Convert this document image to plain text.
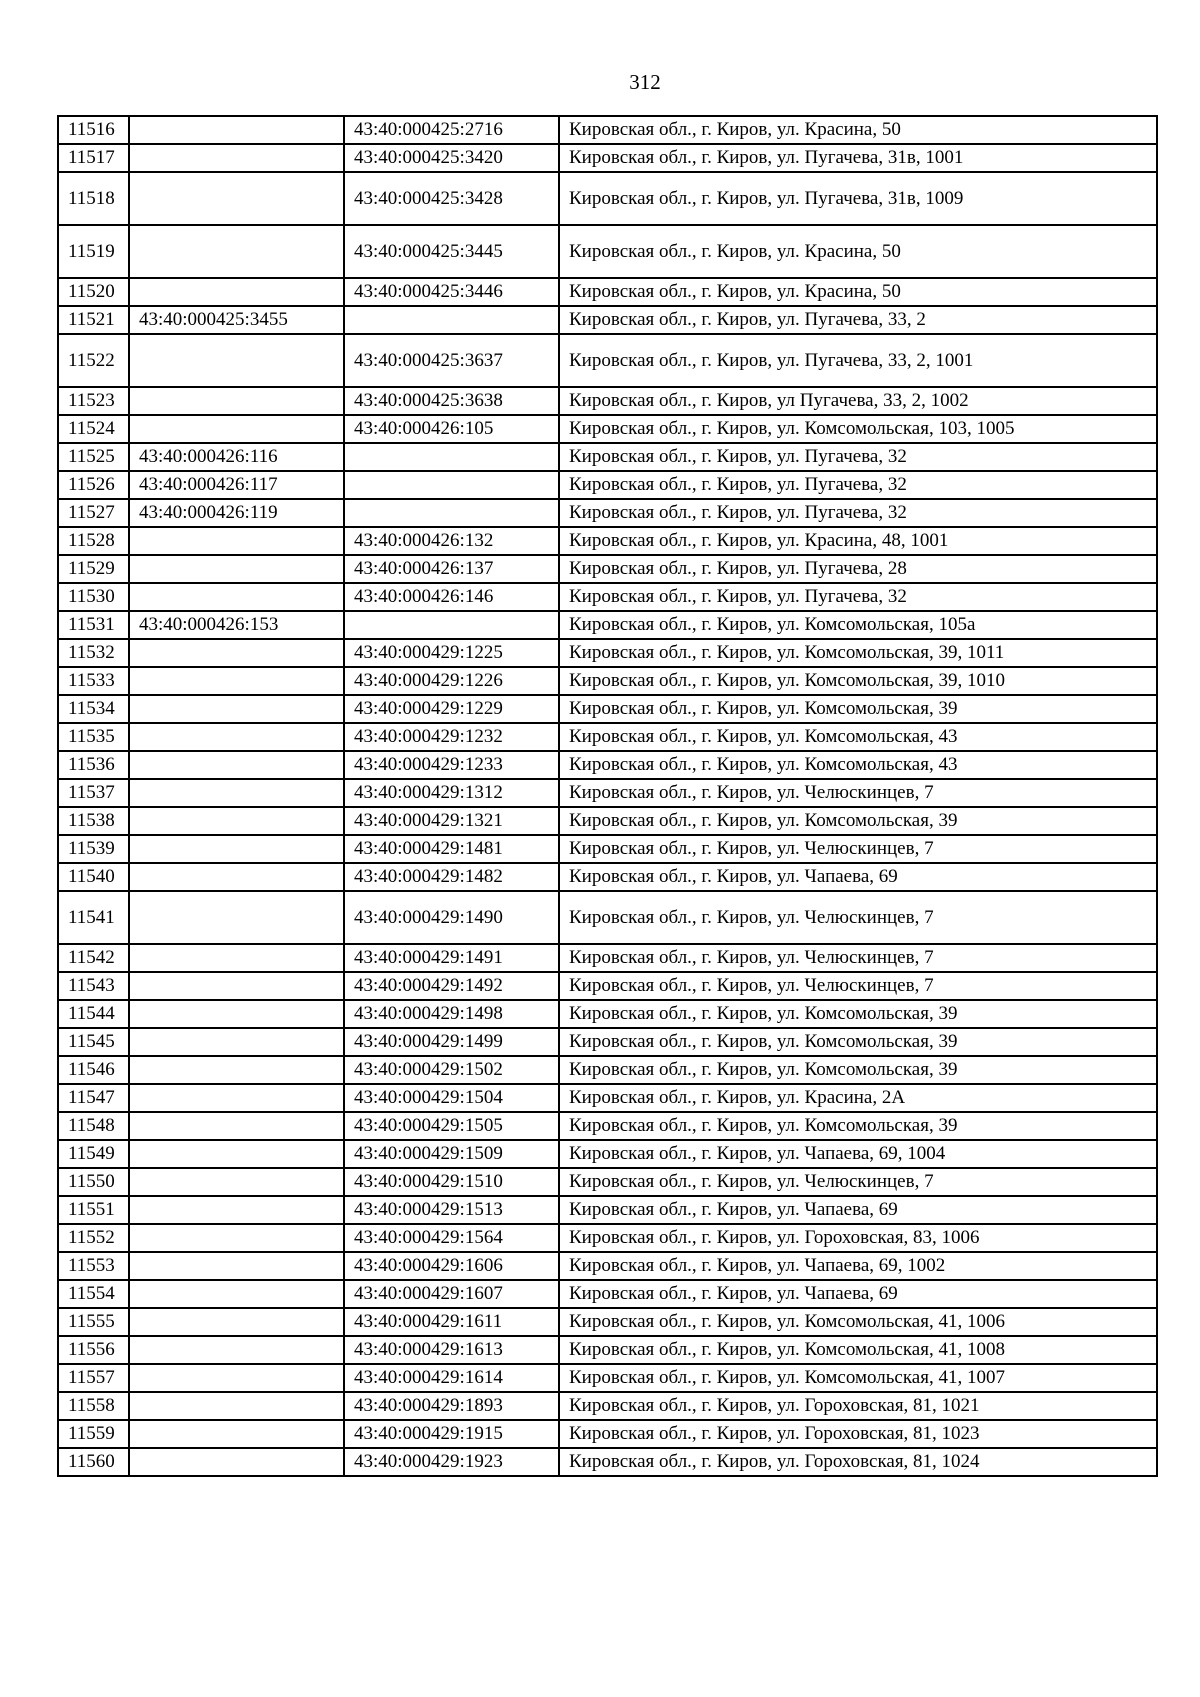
312
11516		43:40:000425:2716	Кировская обл., г. Киров, ул. Красина, 50
11517		43:40:000425:3420	Кировская обл., г. Киров, ул. Пугачева, 31в, 1001
11518		43:40:000425:3428	Кировская обл., г. Киров, ул. Пугачева, 31в, 1009
11519		43:40:000425:3445	Кировская обл., г. Киров, ул. Красина, 50
11520		43:40:000425:3446	Кировская обл., г. Киров, ул. Красина, 50
11521	43:40:000425:3455		Кировская обл., г. Киров, ул. Пугачева, 33, 2
11522		43:40:000425:3637	Кировская обл., г. Киров, ул. Пугачева, 33, 2, 1001
11523		43:40:000425:3638	Кировская обл., г. Киров, ул Пугачева, 33, 2, 1002
11524		43:40:000426:105	Кировская обл., г. Киров, ул. Комсомольская, 103, 1005
11525	43:40:000426:116		Кировская обл., г. Киров, ул. Пугачева, 32
11526	43:40:000426:117		Кировская обл., г. Киров, ул. Пугачева, 32
11527	43:40:000426:119		Кировская обл., г. Киров, ул. Пугачева, 32
11528		43:40:000426:132	Кировская обл., г. Киров, ул. Красина, 48, 1001
11529		43:40:000426:137	Кировская обл., г. Киров, ул. Пугачева, 28
11530		43:40:000426:146	Кировская обл., г. Киров, ул. Пугачева, 32
11531	43:40:000426:153		Кировская обл., г. Киров, ул. Комсомольская, 105а
11532		43:40:000429:1225	Кировская обл., г. Киров, ул. Комсомольская, 39, 1011
11533		43:40:000429:1226	Кировская обл., г. Киров, ул. Комсомольская, 39, 1010
11534		43:40:000429:1229	Кировская обл., г. Киров, ул. Комсомольская, 39
11535		43:40:000429:1232	Кировская обл., г. Киров, ул. Комсомольская, 43
11536		43:40:000429:1233	Кировская обл., г. Киров, ул. Комсомольская, 43
11537		43:40:000429:1312	Кировская обл., г. Киров, ул. Челюскинцев, 7
11538		43:40:000429:1321	Кировская обл., г. Киров, ул. Комсомольская, 39
11539		43:40:000429:1481	Кировская обл., г. Киров, ул. Челюскинцев, 7
11540		43:40:000429:1482	Кировская обл., г. Киров, ул. Чапаева, 69
11541		43:40:000429:1490	Кировская обл., г. Киров, ул. Челюскинцев, 7
11542		43:40:000429:1491	Кировская обл., г. Киров, ул. Челюскинцев, 7
11543		43:40:000429:1492	Кировская обл., г. Киров, ул. Челюскинцев, 7
11544		43:40:000429:1498	Кировская обл., г. Киров, ул. Комсомольская, 39
11545		43:40:000429:1499	Кировская обл., г. Киров, ул. Комсомольская, 39
11546		43:40:000429:1502	Кировская обл., г. Киров, ул. Комсомольская, 39
11547		43:40:000429:1504	Кировская обл., г. Киров, ул. Красина, 2А
11548		43:40:000429:1505	Кировская обл., г. Киров, ул. Комсомольская, 39
11549		43:40:000429:1509	Кировская обл., г. Киров, ул. Чапаева, 69, 1004
11550		43:40:000429:1510	Кировская обл., г. Киров, ул. Челюскинцев, 7
11551		43:40:000429:1513	Кировская обл., г. Киров, ул. Чапаева, 69
11552		43:40:000429:1564	Кировская обл., г. Киров, ул. Гороховская, 83, 1006
11553		43:40:000429:1606	Кировская обл., г. Киров, ул. Чапаева, 69, 1002
11554		43:40:000429:1607	Кировская обл., г. Киров, ул. Чапаева, 69
11555		43:40:000429:1611	Кировская обл., г. Киров, ул. Комсомольская, 41, 1006
11556		43:40:000429:1613	Кировская обл., г. Киров, ул. Комсомольская, 41, 1008
11557		43:40:000429:1614	Кировская обл., г. Киров, ул. Комсомольская, 41, 1007
11558		43:40:000429:1893	Кировская обл., г. Киров, ул. Гороховская, 81, 1021
11559		43:40:000429:1915	Кировская обл., г. Киров, ул. Гороховская, 81, 1023
11560		43:40:000429:1923	Кировская обл., г. Киров, ул. Гороховская, 81, 1024
